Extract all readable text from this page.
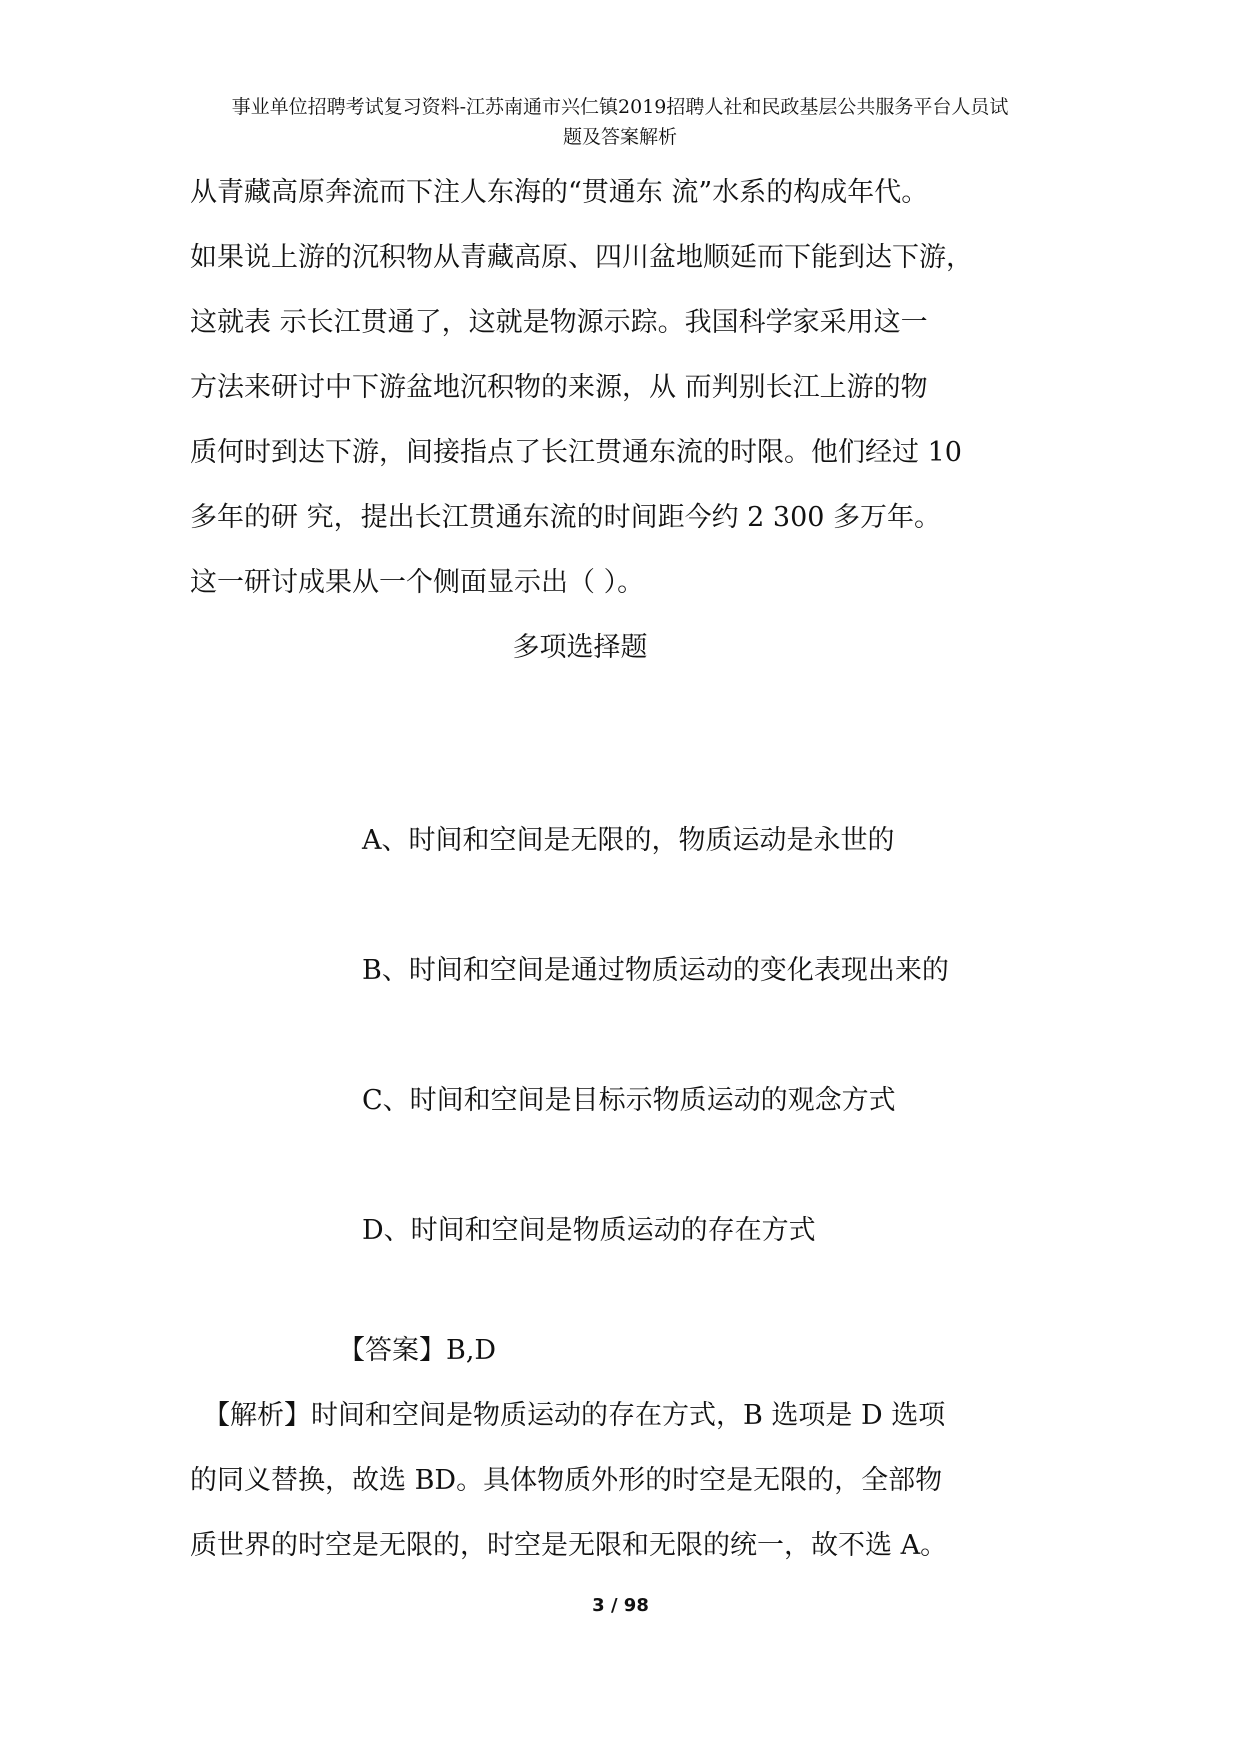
事业单位招聘考试复习资料-江苏南通市兴仁镇2019招聘人社和民政基层公共服务平台人员试
题及答案解析
从青藏高原奔流而下注人东海的“贯通东 流”水系的构成年代。
如果说上游的沉积物从青藏高原、四川盆地顺延而下能到达下游，
这就表 示长江贯通了，这就是物源示踪。我国科学家采用这一
方法来研讨中下游盆地沉积物的来源，从 而判别长江上游的物
质何时到达下游，间接指点了长江贯通东流的时限。他们经过 10
多年的研 究，提出长江贯通东流的时间距今约 2 300 多万年。
这一研讨成果从一个侧面显示出（ ）。
多项选择题
A、时间和空间是无限的，物质运动是永世的
B、时间和空间是通过物质运动的变化表现出来的
C、时间和空间是目标示物质运动的观念方式
D、时间和空间是物质运动的存在方式
【答案】B,D
【解析】时间和空间是物质运动的存在方式，B 选项是 D 选项
的同义替换，故选 BD。具体物质外形的时空是无限的，全部物
质世界的时空是无限的，时空是无限和无限的统一，故不选 A。
3 / 98
